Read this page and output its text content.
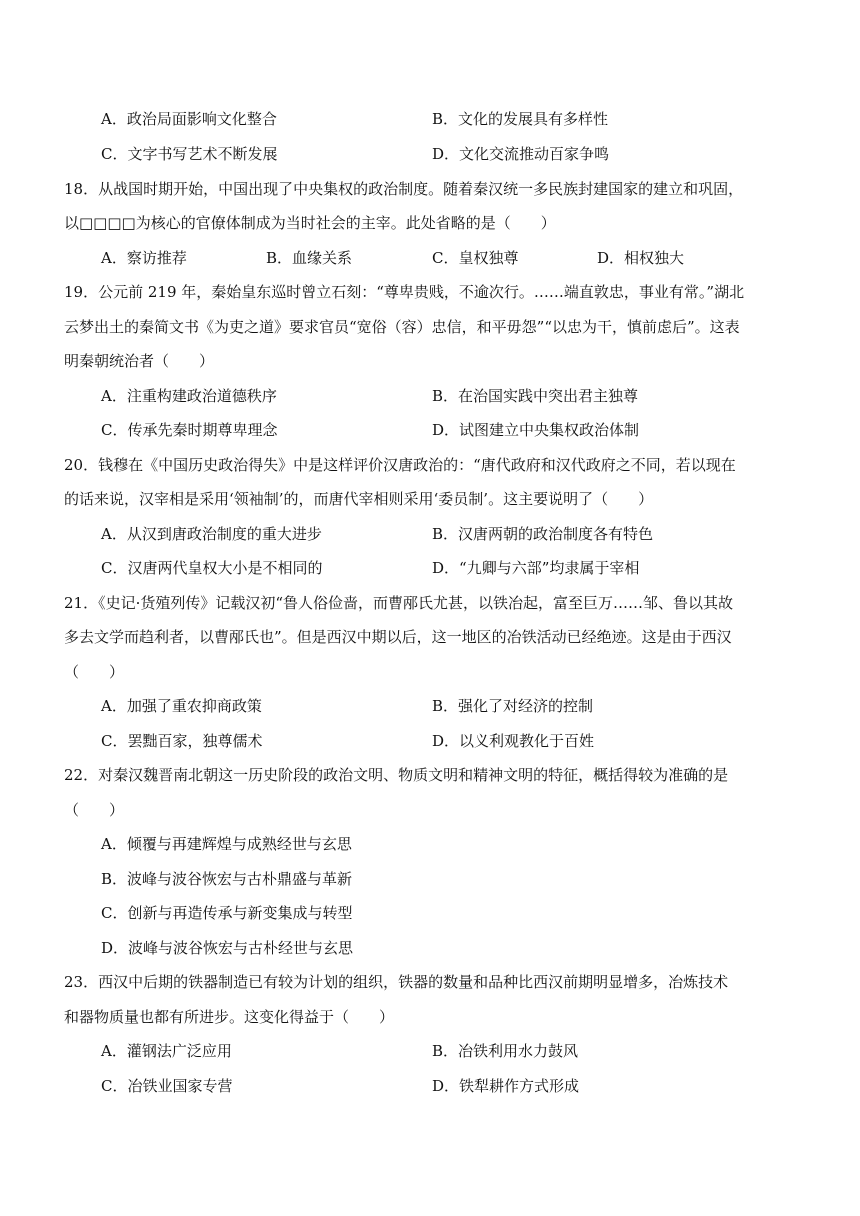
A．政治局面影响文化整合	B．文化的发展具有多样性
C．文字书写艺术不断发展	D．文化交流推动百家争鸣
18．从战国时期开始，中国出现了中央集权的政治制度。随着秦汉统一多民族封建国家的建立和巩固，
以□□□□为核心的官僚体制成为当时社会的主宰。此处省略的是（　　）
A．察访推荐	B．血缘关系	C．皇权独尊	D．相权独大
19．公元前 219 年，秦始皇东巡时曾立石刻：“尊卑贵贱，不逾次行。……端直敦忠，事业有常。”湖北
云梦出土的秦简文书《为吏之道》要求官员“宽俗（容）忠信，和平毋怨”“以忠为干，慎前虑后”。这表
明秦朝统治者（　　）
A．注重构建政治道德秩序	B．在治国实践中突出君主独尊
C．传承先秦时期尊卑理念	D．试图建立中央集权政治体制
20．钱穆在《中国历史政治得失》中是这样评价汉唐政治的：“唐代政府和汉代政府之不同，若以现在
的话来说，汉宰相是采用‘领袖制’的，而唐代宰相则采用‘委员制’。这主要说明了（　　）
A．从汉到唐政治制度的重大进步	B．汉唐两朝的政治制度各有特色
C．汉唐两代皇权大小是不相同的	D．“九卿与六部”均隶属于宰相
21．《史记·货殖列传》记载汉初“鲁人俗俭啬，而曹邴氏尤甚，以铁冶起，富至巨万……邹、鲁以其故
多去文学而趋利者，以曹邴氏也”。但是西汉中期以后，这一地区的冶铁活动已经绝迹。这是由于西汉
（　　）
A．加强了重农抑商政策	B．强化了对经济的控制
C．罢黜百家，独尊儒术	D．以义利观教化于百姓
22．对秦汉魏晋南北朝这一历史阶段的政治文明、物质文明和精神文明的特征，概括得较为准确的是
（　　）
A．倾覆与再建辉煌与成熟经世与玄思
B．波峰与波谷恢宏与古朴鼎盛与革新
C．创新与再造传承与新变集成与转型
D．波峰与波谷恢宏与古朴经世与玄思
23．西汉中后期的铁器制造已有较为计划的组织，铁器的数量和品种比西汉前期明显增多，冶炼技术
和器物质量也都有所进步。这变化得益于（　　）
A．灌钢法广泛应用	B．冶铁利用水力鼓风
C．冶铁业国家专营	D．铁犁耕作方式形成
